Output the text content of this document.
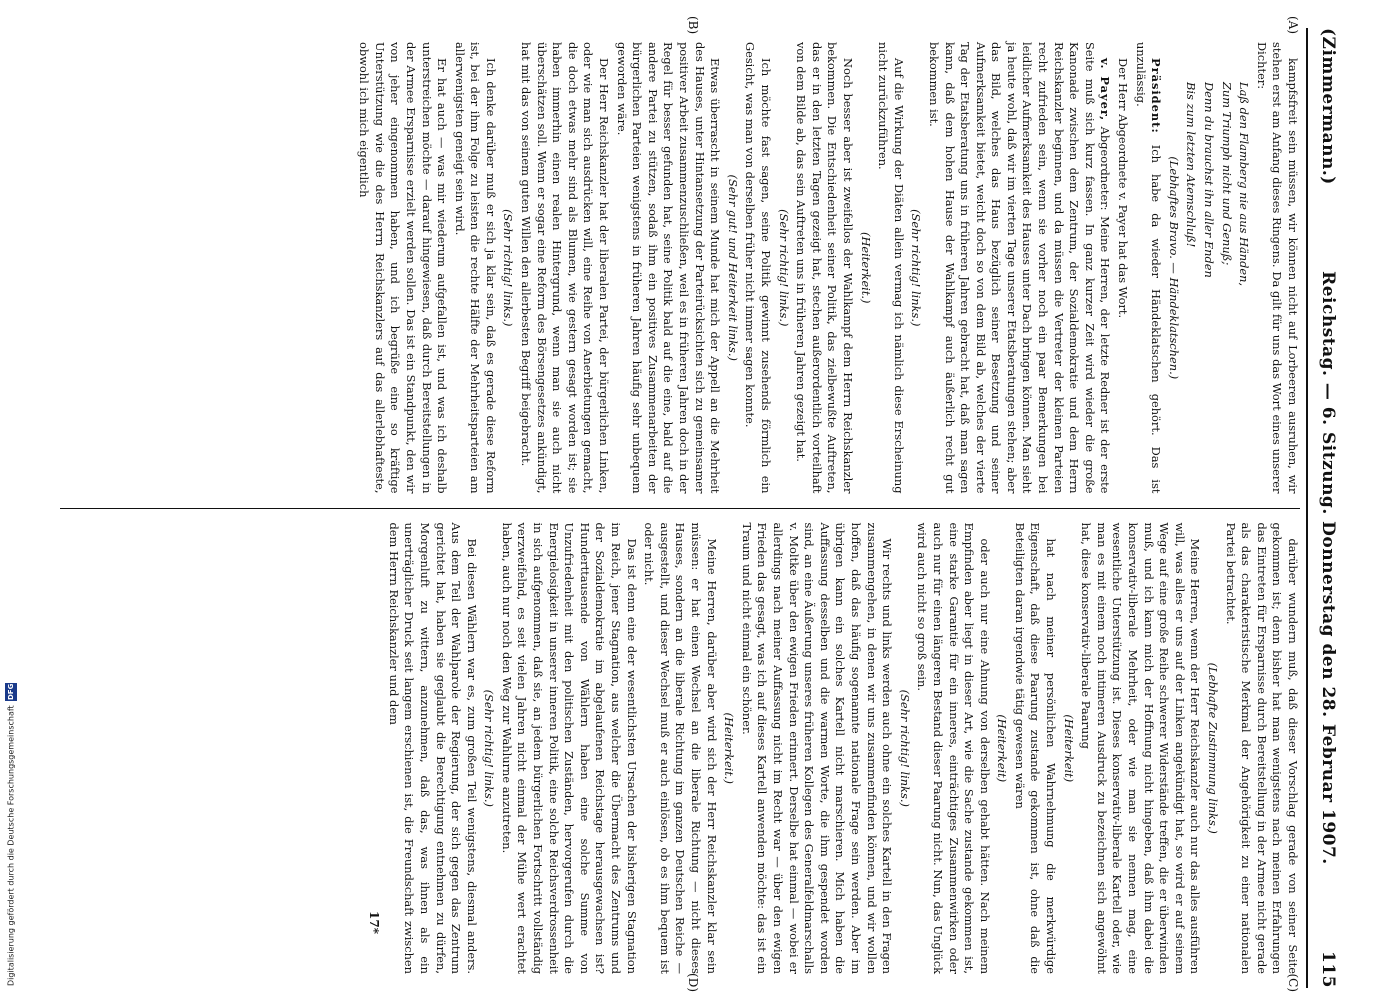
Digitalisierung gefördert durch die Deutsche Forschungsgemeinschaft
DFG
(Zimmermann.)
Reichstag. — 6. Sitzung. Donnerstag den 28. Februar 1907.
115
(A)

kampfsfreit sein müssen, wir können nicht auf Lorbeeren ausruhen, wir stehen erst am Anfang dieses Ringens. Da gilt für uns das Wort eines unserer Dichter:

Laß den Flamberg nie aus Händen,

Zum Triumph nicht und Genuß;

Denn du brauchst ihn aller Enden

Bis zum letzten Atemschluß!

(Lebhaftes Bravo. — Händeklatschen.)

Präsident: Ich habe da wieder Händeklatschen gehört. Das ist unzulässig.

Der Herr Abgeordnete v. Payer hat das Wort.

v. Payer, Abgeordneter: Meine Herren, der letzte Redner ist der erste Seite muß sich kurz fassen. In ganz kurzer Zeit wird wieder die große Kanonade zwischen dem Zentrum, der Sozialdemokratie und dem Herrn Reichskanzler beginnen, und da müssen die Vertreter der kleinen Parteien recht zufrieden sein, wenn sie vorher noch ein paar Bemerkungen bei leidlicher Aufmerksamkeit des Hauses unter Dach bringen können. Man sieht ja heute wohl, daß wir im vierten Tage unserer Etatsberatungen stehen; aber das Bild, welches das Haus bezüglich seiner Besetzung und seiner Aufmerksamkeit bietet, weicht doch so von dem Bild ab, welches der vierte Tag der Etatsberatung uns in früheren Jahren gebracht hat, daß man sagen kann, daß dem hohen Hause der Wahlkampf auch äußerlich recht gut bekommen ist.

(Sehr richtig! links.)

Auf die Wirkung der Diäten allein vermag ich nämlich diese Erscheinung nicht zurückzuführen.

(Heiterkeit.)

(B)

Noch besser aber ist zweifellos der Wahlkampf dem Herrn Reichskanzler bekommen. Die Entschiedenheit seiner Politik, das zielbewußte Auftreten, das er in den letzten Tagen gezeigt hat, stechen außerordentlich vorteilhaft von dem Bilde ab, das sein Auftreten uns in früheren Jahren gezeigt hat.

(Sehr richtig! links.)

Ich möchte fast sagen, seine Politik gewinnt zusehends förmlich ein Gesicht, was man von derselben früher nicht immer sagen konnte.

(Sehr gut! und Heiterkeit links.)

Etwas überrascht in seinem Munde hat mich der Appell an die Mehrheit des Hauses, unter Hintansetzung der Parteirücksichten sich zu gemeinsamer positiver Arbeit zusammenzuschließen, weil es in früheren Jahren doch in der Regel für besser gefunden hat, seine Politik bald auf die eine, bald auf die andere Partei zu stützen, sodaß ihm ein positives Zusammenarbeiten der bürgerlichen Parteien wenigstens in früheren Jahren häufig sehr unbequem geworden wäre.

Der Herr Reichskanzler hat der liberalen Partei, der bürgerlichen Linken, oder wie man sich ausdrücken will, eine Reihe von Anerbietungen gemacht, die doch etwas mehr sind als Blumen, wie gestern gesagt worden ist; sie haben immerhin einen realen Hintergrund, wenn man sie auch nicht überschätzen soll. Wenn er sogar eine Reform des Börsengesetzes ankündigt, hat mit das von seinem guten Willen den allerbesten Begriff beigebracht.

(Sehr richtig! links.)

Ich denke darüber muß er sich ja klar sein, daß es gerade diese Reform ist, bei der ihm Folge zu leisten die rechte Hälfte der Mehrheitsparteien am allerwenigsten geneigt sein wird.

Er hat auch — was mir wiederum aufgefallen ist, und was ich deshalb unterstreichen möchte — darauf hingewiesen, daß durch Bereitstellungen in der Armee Ersparnisse erzielt werden sollen. Das ist ein Standpunkt, den wir von jeher eingenommen haben, und ich begrüße eine so kräftige Unterstützung wie die des Herrn Reichskanzlers auf das allerlebhafteste, obwohl ich mich eigentlich

(C)

darüber wundern muß, daß dieser Vorschlag gerade von seiner Seite gekommen ist; denn bisher hat man wenigstens nach meinen Erfahrungen das Eintreten für Ersparnisse durch Bereitstellung in der Armee nicht gerade als das charakteristische Merkmal der Angehörigkeit zu einer nationalen Partei betrachtet.

(Lebhafte Zustimmung links.)

Meine Herren, wenn der Herr Reichskanzler auch nur das alles ausführen will, was alles er uns auf der Linken angekündigt hat, so wird er auf seinem Wege auf eine große Reihe schwerer Widerstände treffen, die er überwinden muß, und ich kann mich der Hoffnung nicht hingeben, daß ihm dabei die konservativ-liberale Mehrheit, oder wie man sie nennen mag, eine wesentliche Unterstützung ist. Dieses konservativ-liberale Kartell oder, wie man es mit einem noch intimeren Ausdruck zu bezeichnen sich angewöhnt hat, diese konservativ-liberale Paarung

(Heiterkeit)

hat nach meiner persönlichen Wahrnehmung die merkwürdige Eigenschaft, daß diese Paarung zustande gekommen ist, ohne daß die Beteiligten daran irgendwie tätig gewesen wären

(Heiterkeit)

oder auch nur eine Ahnung von derselben gehabt hätten. Nach meinem Empfinden aber liegt in dieser Art, wie die Sache zustande gekommen ist, eine starke Garantie für ein inneres, einträchtiges Zusammenwirken oder auch nur für einen längeren Bestand dieser Paarung nicht. Nun, das Unglück wird auch nicht so groß sein.

(Sehr richtig! links.)

(D)

Wir rechts und links werden auch ohne ein solches Kartell in den Fragen zusammengehen, in denen wir uns zusammenfinden können, und wir wollen hoffen, daß das häufig sogenannte nationale Frage sein werden. Aber im übrigen kann ein solches Kartell nicht marschieren. Mich haben die Auffassung desselben und die warmen Worte, die ihm gespendet worden sind, an eine Äußerung unseres früheren Kollegen des Generalfeldmarschalls v. Moltke über den ewigen Frieden erinnert. Derselbe hat einmal — wobei er allerdings nach meiner Auffassung nicht im Recht war — über den ewigen Frieden das gesagt, was ich auf dieses Kartell anwenden möchte: das ist ein Traum und nicht einmal ein schöner.

(Heiterkeit.)

Meine Herren, darüber aber wird sich der Herr Reichskanzler klar sein müssen: er hat einen Wechsel an die liberale Richtung — nicht dieses Hauses, sondern an die liberale Richtung im ganzen Deutschen Reiche — ausgestellt, und dieser Wechsel muß er auch einlösen, ob es ihm bequem ist oder nicht.

Das ist denn eine der wesentlichsten Ursachen der bisherigen Stagnation im Reich, jener Stagnation, aus welcher die Übermacht des Zentrums und der Sozialdemokratie im abgelaufenen Reichstage herausgewachsen ist? Hunderttausende von Wählern haben eine solche Summe von Unzufriedenheit mit den politischen Zuständen, hervorgerufen durch die Energielosigkeit in unserer inneren Politik, eine solche Reichsverdrossenheit in sich aufgenommen, daß sie, an jedem bürgerlichen Fortschritt vollständig verzweifelnd, es seit vielen Jahren nicht einmal der Mühe wert erachtet haben, auch nur noch den Weg zur Wahlurne anzutreten.

(Sehr richtig! links.)

Bei diesen Wählern war es, zum großen Teil wenigstens, diesmal anders. Aus dem Teil der Wahlparole der Regierung, der sich gegen das Zentrum gerichtet hat, haben sie geglaubt die Berechtigung entnehmen zu dürfen, Morgenluft zu wittern, anzunehmen, daß das, was ihnen als ein unerträglicher Druck seit langem erschienen ist, die Freundschaft zwischen dem Herrn Reichskanzler und dem

17*
